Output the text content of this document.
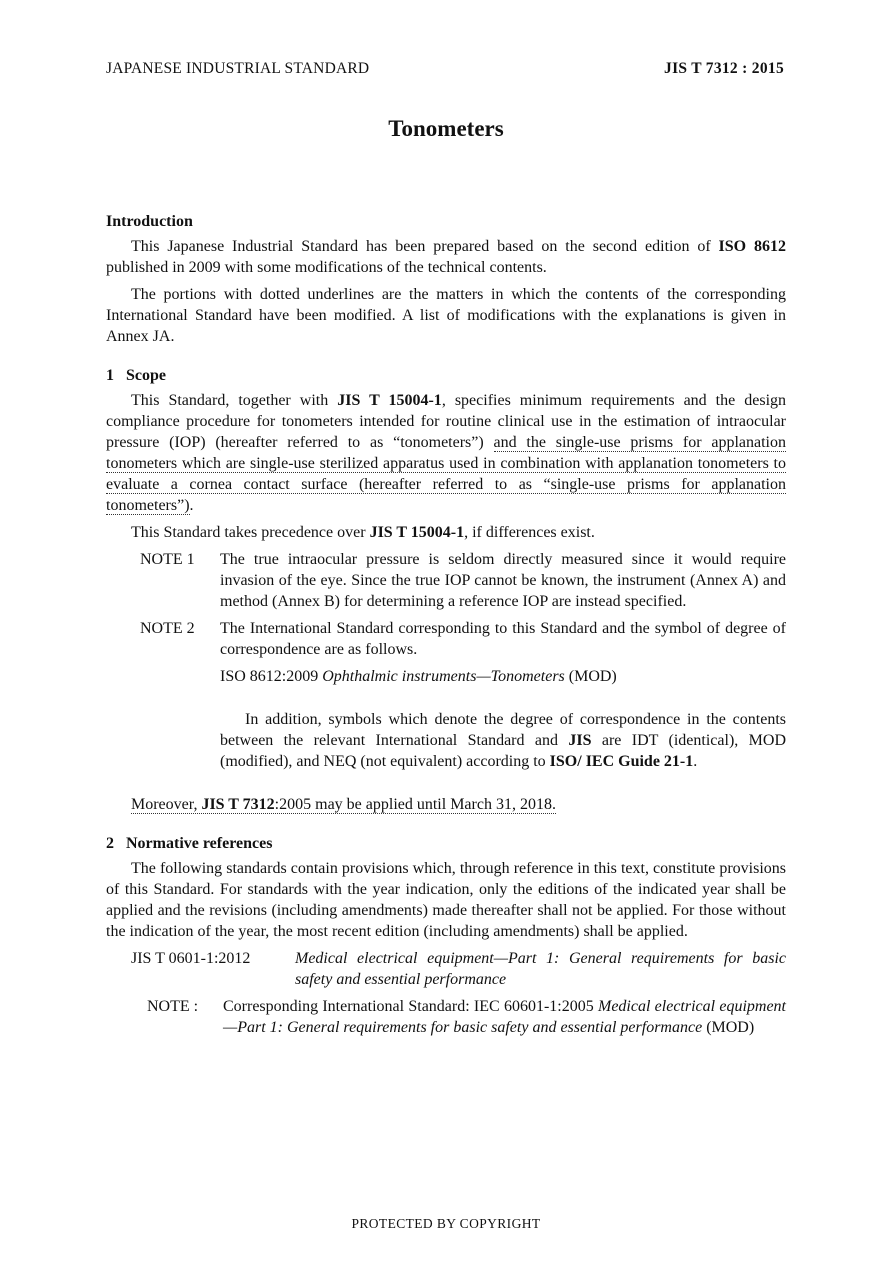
JAPANESE INDUSTRIAL STANDARD	JIS T 7312 : 2015
Tonometers

Introduction

This Japanese Industrial Standard has been prepared based on the second edition of ISO 8612 published in 2009 with some modifications of the technical contents.

The portions with dotted underlines are the matters in which the contents of the corresponding International Standard have been modified. A list of modifications with the explanations is given in Annex JA.

1   Scope

This Standard, together with JIS T 15004-1, specifies minimum requirements and the design compliance procedure for tonometers intended for routine clinical use in the estimation of intraocular pressure (IOP) (hereafter referred to as “tonometers”) and the single-use prisms for applanation tonometers which are single-use sterilized apparatus used in combination with applanation tonometers to evaluate a cornea contact surface (hereafter referred to as “single-use prisms for applanation tonometers”).

This Standard takes precedence over JIS T 15004-1, if differences exist.

NOTE 1	The true intraocular pressure is seldom directly measured since it would require invasion of the eye. Since the true IOP cannot be known, the instrument (Annex A) and method (Annex B) for determining a reference IOP are instead specified.
NOTE 2	The International Standard corresponding to this Standard and the symbol of degree of correspondence are as follows.
ISO 8612:2009 Ophthalmic instruments—Tonometers (MOD)

In addition, symbols which denote the degree of correspondence in the contents between the relevant International Standard and JIS are IDT (identical), MOD (modified), and NEQ (not equivalent) according to ISO/ IEC Guide 21-1.

Moreover, JIS T 7312:2005 may be applied until March 31, 2018.

2   Normative references

The following standards contain provisions which, through reference in this text, constitute provisions of this Standard. For standards with the year indication, only the editions of the indicated year shall be applied and the revisions (including amendments) made thereafter shall not be applied. For those without the indication of the year, the most recent edition (including amendments) shall be applied.

JIS T 0601-1:2012	Medical electrical equipment—Part 1: General requirements for basic safety and essential performance
NOTE :	Corresponding International Standard: IEC 60601-1:2005 Medical electrical equipment—Part 1: General requirements for basic safety and essential performance (MOD)
PROTECTED BY COPYRIGHT
